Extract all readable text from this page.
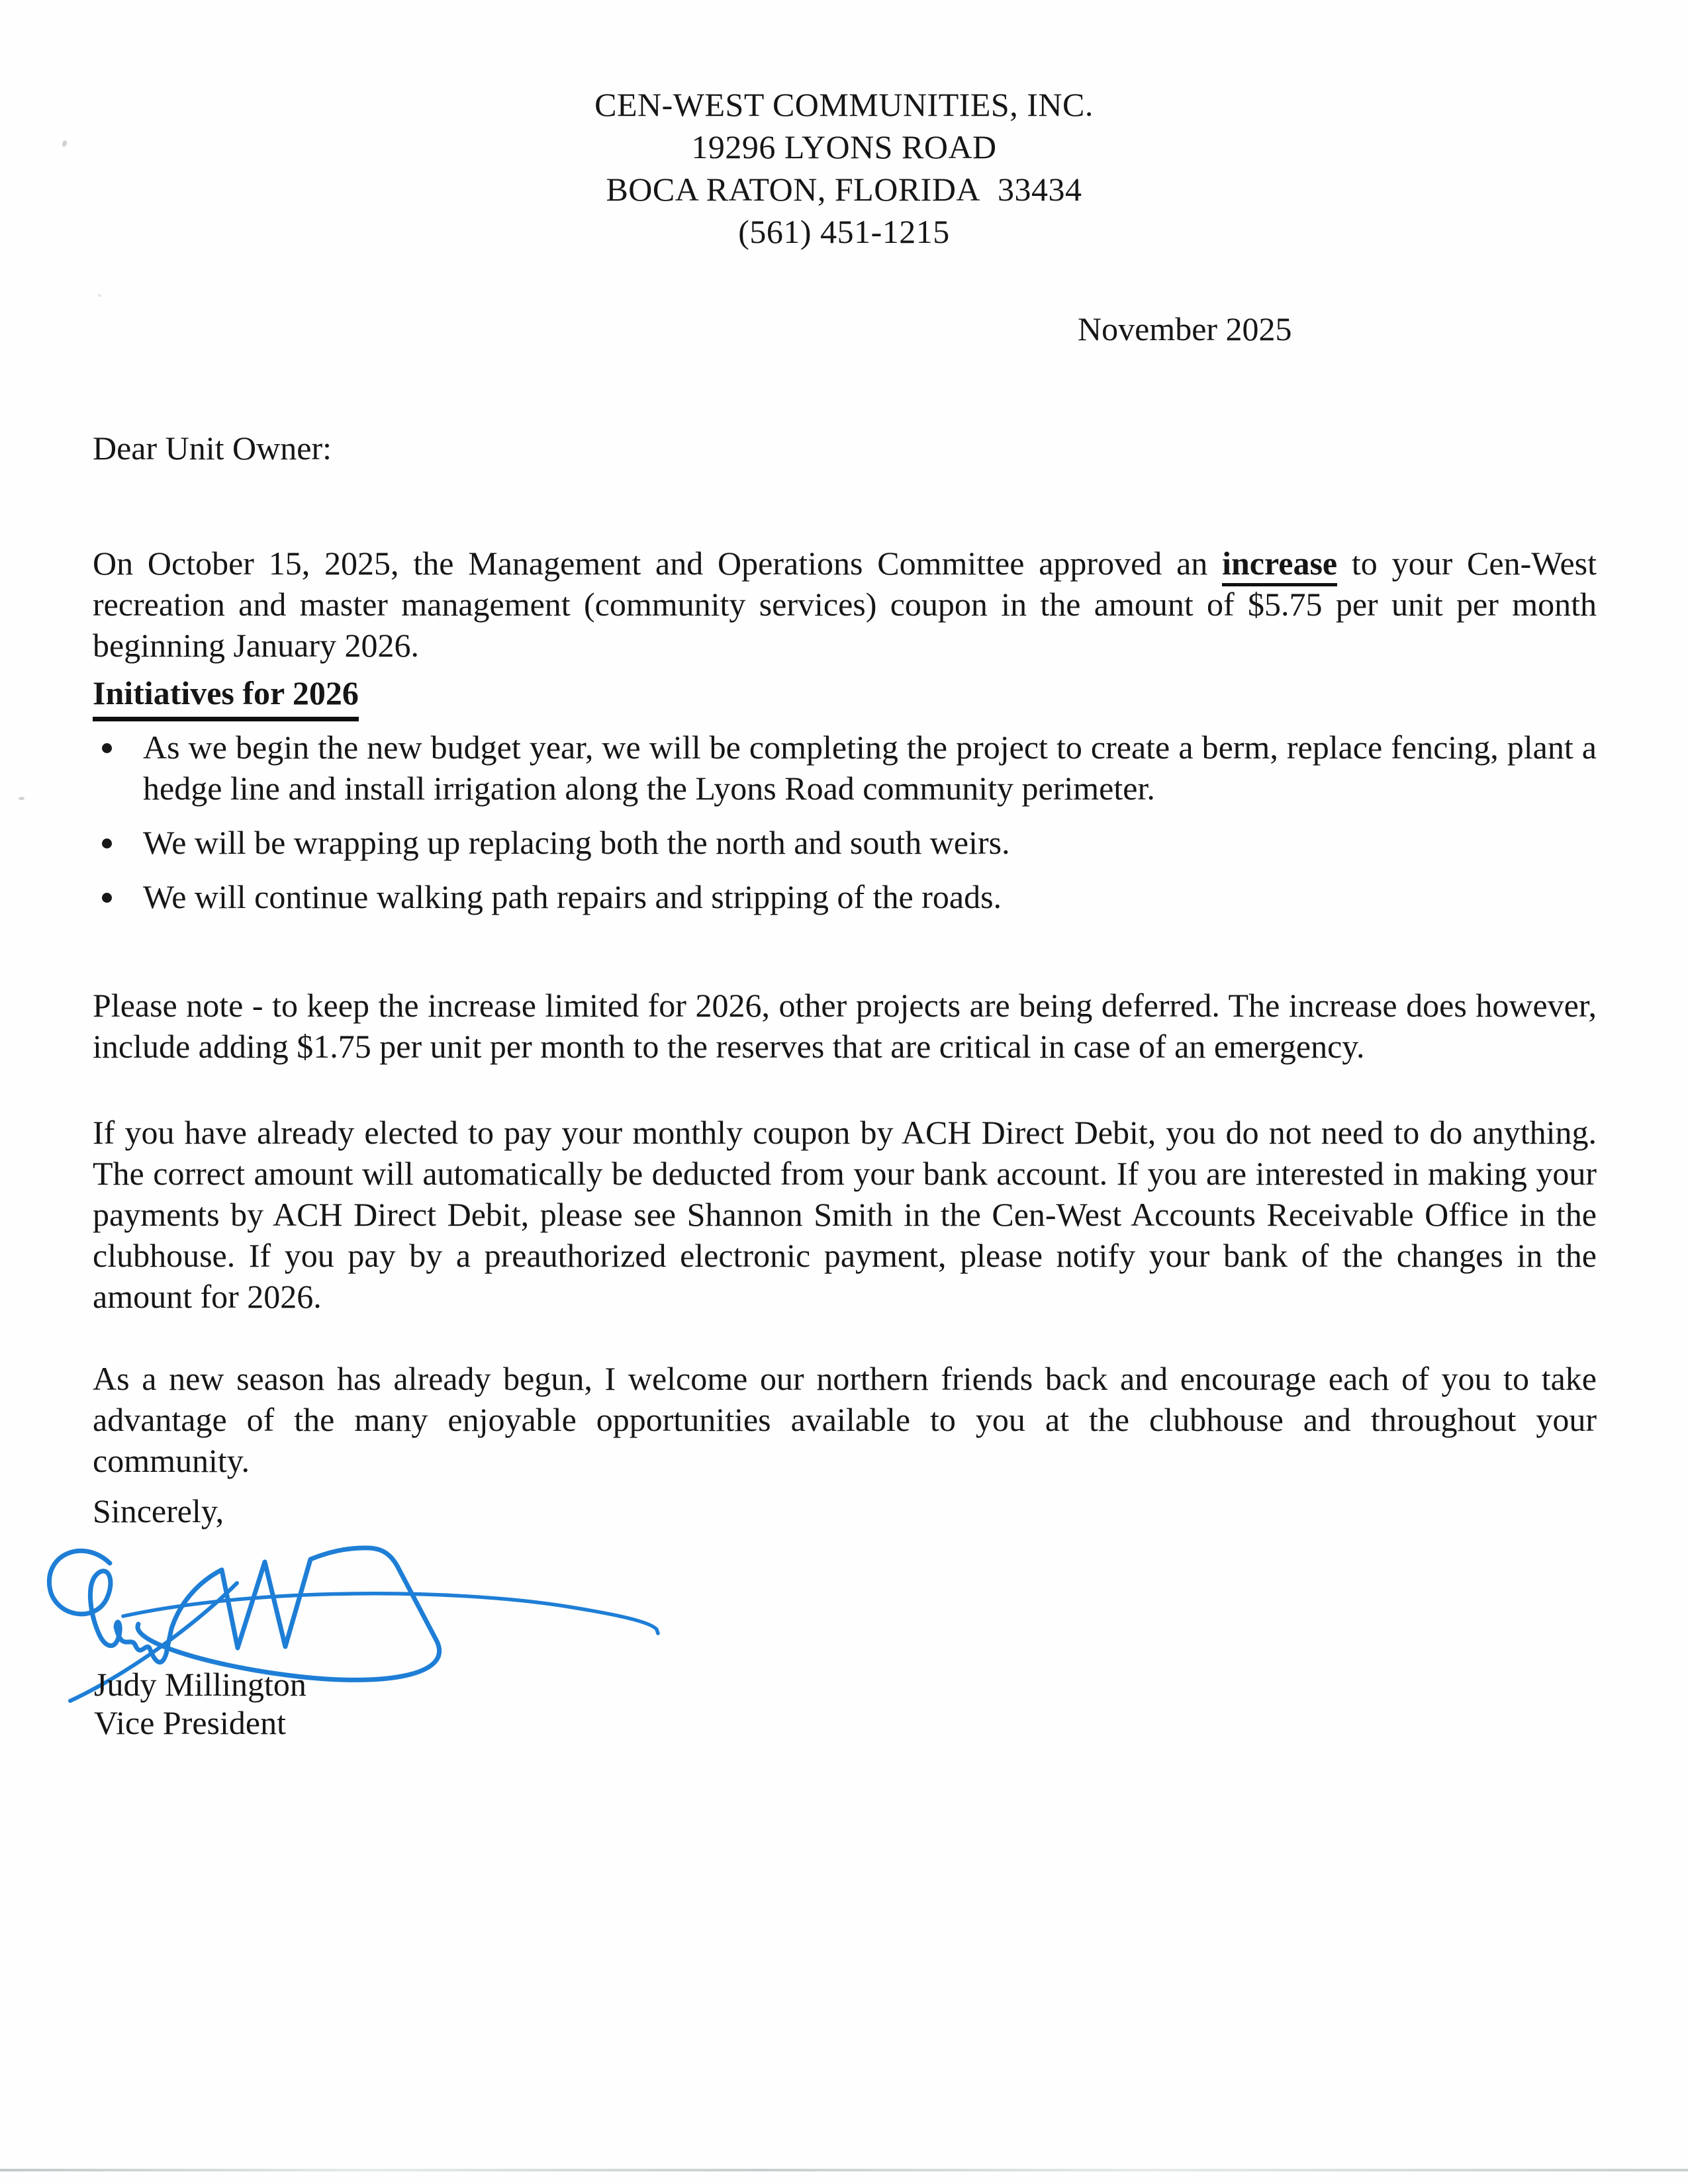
CEN-WEST COMMUNITIES, INC.
19296 LYONS ROAD
BOCA RATON, FLORIDA  33434
(561) 451-1215
November 2025
Dear Unit Owner:

On October 15, 2025, the Management and Operations Committee approved an increase to your Cen-West recreation and master management (community services) coupon in the amount of $5.75 per unit per month beginning January 2026.

Initiatives for 2026
As we begin the new budget year, we will be completing the project to create a berm, replace fencing, plant a hedge line and install irrigation along the Lyons Road community perimeter.
We will be wrapping up replacing both the north and south weirs.
We will continue walking path repairs and stripping of the roads.

Please note - to keep the increase limited for 2026, other projects are being deferred. The increase does however, include adding $1.75 per unit per month to the reserves that are critical in case of an emergency.

If you have already elected to pay your monthly coupon by ACH Direct Debit, you do not need to do anything. The correct amount will automatically be deducted from your bank account. If you are interested in making your payments by ACH Direct Debit, please see Shannon Smith in the Cen-West Accounts Receivable Office in the clubhouse. If you pay by a preauthorized electronic payment, please notify your bank of the changes in the amount for 2026.

As a new season has already begun, I welcome our northern friends back and encourage each of you to take advantage of the many enjoyable opportunities available to you at the clubhouse and throughout your community.

Sincerely,
Judy Millington
Vice President
